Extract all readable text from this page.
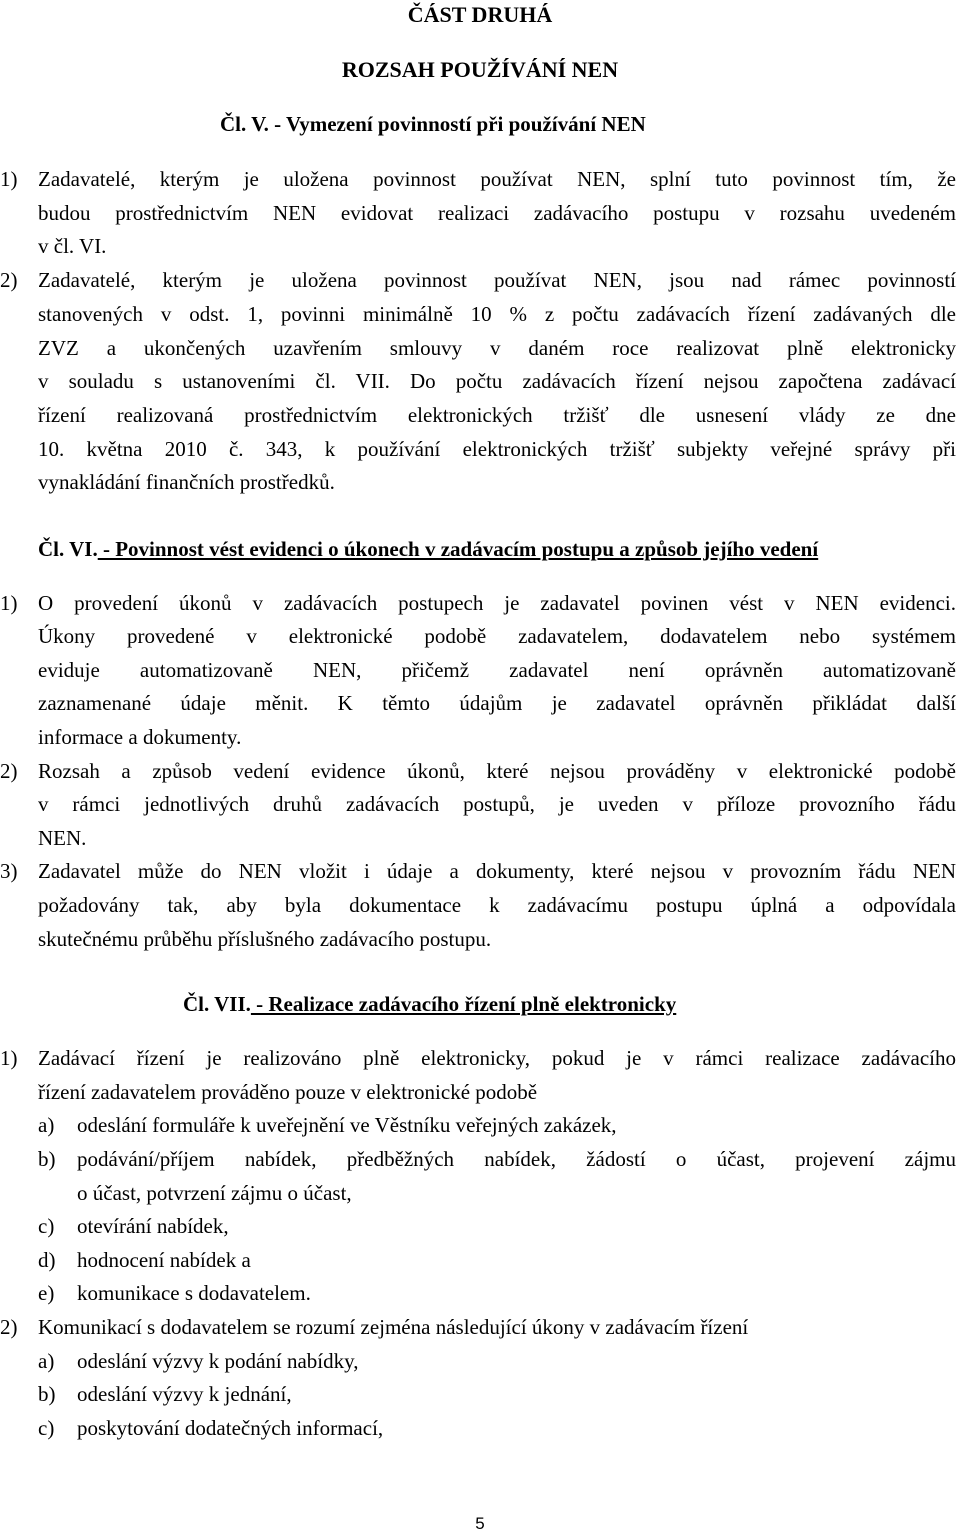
ČÁST DRUHÁ
ROZSAH POUŽÍVÁNÍ NEN
Čl. V. - Vymezení povinností při používání NEN
1) Zadavatelé, kterým je uložena povinnost používat NEN, splní tuto povinnost tím, že
budou prostřednictvím NEN evidovat realizaci zadávacího postupu v rozsahu uvedeném
v čl. VI.
2) Zadavatelé, kterým je uložena povinnost používat NEN, jsou nad rámec povinností
stanovených v odst. 1, povinni minimálně 10 % z počtu zadávacích řízení zadávaných dle
ZVZ a ukončených uzavřením smlouvy v daném roce realizovat plně elektronicky
v souladu s ustanoveními čl. VII. Do počtu zadávacích řízení nejsou započtena zadávací
řízení realizovaná prostřednictvím elektronických tržišť dle usnesení vlády ze dne
10. května 2010 č. 343, k používání elektronických tržišť subjekty veřejné správy při
vynakládání finančních prostředků.
Čl. VI. - Povinnost vést evidenci o úkonech v zadávacím postupu a způsob jejího vedení
1) O provedení úkonů v zadávacích postupech je zadavatel povinen vést v NEN evidenci.
Úkony provedené v elektronické podobě zadavatelem, dodavatelem nebo systémem
eviduje automatizovaně NEN, přičemž zadavatel není oprávněn automatizovaně
zaznamenané údaje měnit. K těmto údajům je zadavatel oprávněn přikládat další
informace a dokumenty.
2) Rozsah a způsob vedení evidence úkonů, které nejsou prováděny v elektronické podobě
v rámci jednotlivých druhů zadávacích postupů, je uveden v příloze provozního řádu
NEN.
3) Zadavatel může do NEN vložit i údaje a dokumenty, které nejsou v provozním řádu NEN
požadovány tak, aby byla dokumentace k zadávacímu postupu úplná a odpovídala
skutečnému průběhu příslušného zadávacího postupu.
Čl. VII. - Realizace zadávacího řízení plně elektronicky
1) Zadávací řízení je realizováno plně elektronicky, pokud je v rámci realizace zadávacího
řízení zadavatelem prováděno pouze v elektronické podobě
a) odeslání formuláře k uveřejnění ve Věstníku veřejných zakázek,
b) podávání/příjem nabídek, předběžných nabídek, žádostí o účast, projevení zájmu
o účast, potvrzení zájmu o účast,
c) otevírání nabídek,
d) hodnocení nabídek a
e) komunikace s dodavatelem.
2) Komunikací s dodavatelem se rozumí zejména následující úkony v zadávacím řízení
a) odeslání výzvy k podání nabídky,
b) odeslání výzvy k jednání,
c) poskytování dodatečných informací,
5
